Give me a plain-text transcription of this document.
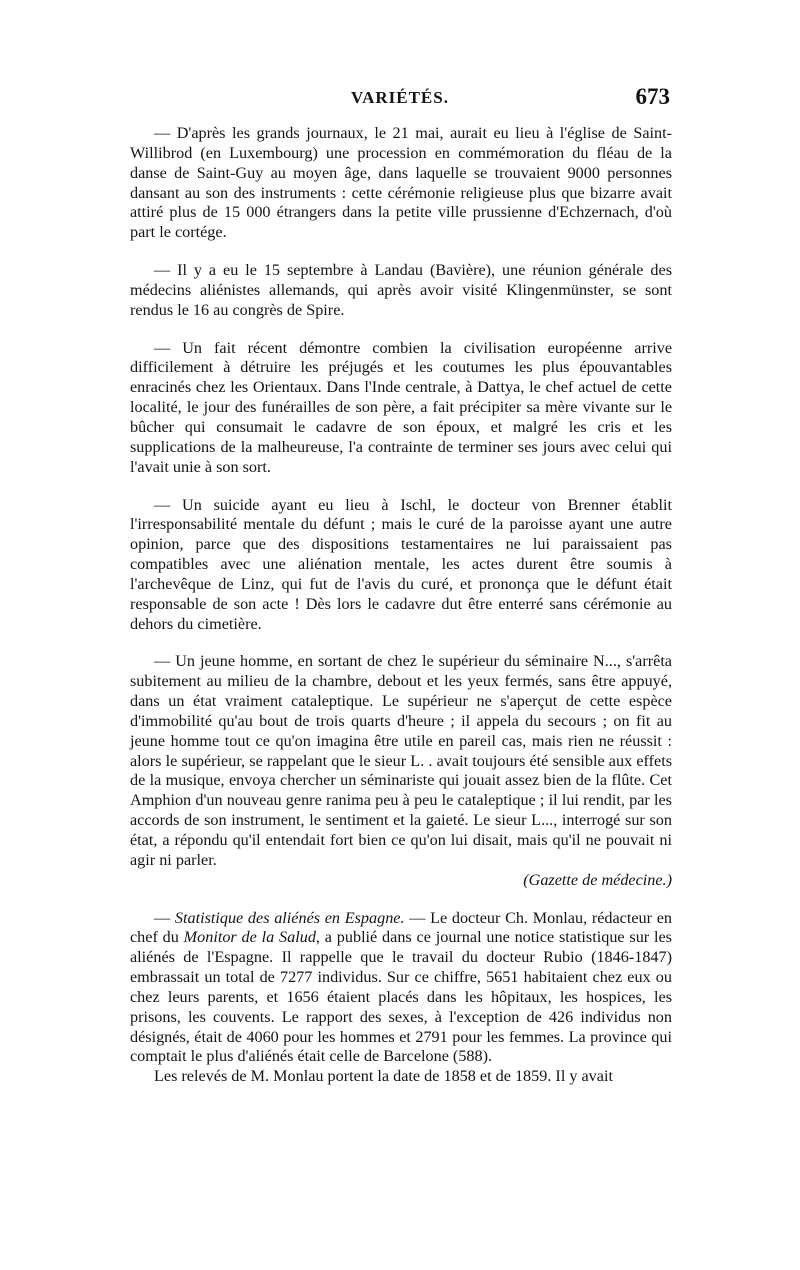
VARIÉTÉS.	673

— D'après les grands journaux, le 21 mai, aurait eu lieu à l'église de Saint-Willibrod (en Luxembourg) une procession en commémoration du fléau de la danse de Saint-Guy au moyen âge, dans laquelle se trouvaient 9000 personnes dansant au son des instruments : cette cérémonie religieuse plus que bizarre avait attiré plus de 15 000 étrangers dans la petite ville prussienne d'Echzernach, d'où part le cortége.

— Il y a eu le 15 septembre à Landau (Bavière), une réunion générale des médecins aliénistes allemands, qui après avoir visité Klingenmünster, se sont rendus le 16 au congrès de Spire.

— Un fait récent démontre combien la civilisation européenne arrive difficilement à détruire les préjugés et les coutumes les plus épouvantables enracinés chez les Orientaux. Dans l'Inde centrale, à Dattya, le chef actuel de cette localité, le jour des funérailles de son père, a fait précipiter sa mère vivante sur le bûcher qui consumait le cadavre de son époux, et malgré les cris et les supplications de la malheureuse, l'a contrainte de terminer ses jours avec celui qui l'avait unie à son sort.

— Un suicide ayant eu lieu à Ischl, le docteur von Brenner établit l'irresponsabilité mentale du défunt ; mais le curé de la paroisse ayant une autre opinion, parce que des dispositions testamentaires ne lui paraissaient pas compatibles avec une aliénation mentale, les actes durent être soumis à l'archevêque de Linz, qui fut de l'avis du curé, et prononça que le défunt était responsable de son acte ! Dès lors le cadavre dut être enterré sans cérémonie au dehors du cimetière.

— Un jeune homme, en sortant de chez le supérieur du séminaire N..., s'arrêta subitement au milieu de la chambre, debout et les yeux fermés, sans être appuyé, dans un état vraiment cataleptique. Le supérieur ne s'aperçut de cette espèce d'immobilité qu'au bout de trois quarts d'heure ; il appela du secours ; on fit au jeune homme tout ce qu'on imagina être utile en pareil cas, mais rien ne réussit : alors le supérieur, se rappelant que le sieur L. . avait toujours été sensible aux effets de la musique, envoya chercher un séminariste qui jouait assez bien de la flûte. Cet Amphion d'un nouveau genre ranima peu à peu le cataleptique ; il lui rendit, par les accords de son instrument, le sentiment et la gaieté. Le sieur L..., interrogé sur son état, a répondu qu'il entendait fort bien ce qu'on lui disait, mais qu'il ne pouvait ni agir ni parler.

(Gazette de médecine.)

— Statistique des aliénés en Espagne. — Le docteur Ch. Monlau, rédacteur en chef du Monitor de la Salud, a publié dans ce journal une notice statistique sur les aliénés de l'Espagne. Il rappelle que le travail du docteur Rubio (1846-1847) embrassait un total de 7277 individus. Sur ce chiffre, 5651 habitaient chez eux ou chez leurs parents, et 1656 étaient placés dans les hôpitaux, les hospices, les prisons, les couvents. Le rapport des sexes, à l'exception de 426 individus non désignés, était de 4060 pour les hommes et 2791 pour les femmes. La province qui comptait le plus d'aliénés était celle de Barcelone (588).

Les relevés de M. Monlau portent la date de 1858 et de 1859. Il y avait
